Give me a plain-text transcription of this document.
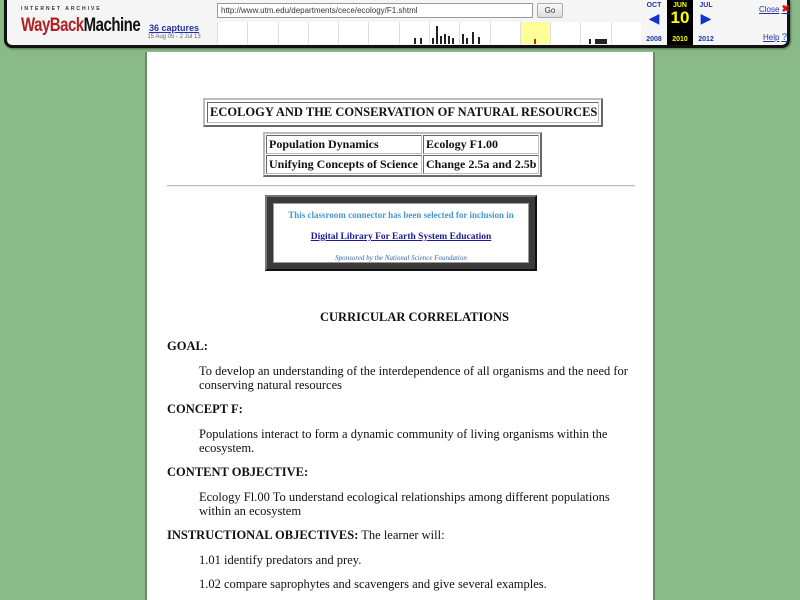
INTERNET ARCHIVE
WayBackMachine 36 captures
15 Aug 05 - 2 Jul 13
http://www.utm.edu/departments/cece/ecology/F1.shtml	Go
OCT
◀
2008
JUN
10
2010
JUL
▶
2012
Close ✖
Help ?
ECOLOGY AND THE CONSERVATION OF NATURAL RESOURCES
Population Dynamics	Ecology F1.00
Unifying Concepts of Science	Change 2.5a and 2.5b
This classroom connector has been selected for inclusion in
Digital Library For Earth System Education
Sponsored by the National Science Foundation
CURRICULAR CORRELATIONS
GOAL:
To develop an understanding of the interdependence of all organisms and the need for conserving natural resources
CONCEPT F:
Populations interact to form a dynamic community of living organisms within the ecosystem.
CONTENT OBJECTIVE:
Ecology Fl.00 To understand ecological relationships among different populations within an ecosystem
INSTRUCTIONAL OBJECTIVES: The learner will:
1.01 identify predators and prey.
1.02 compare saprophytes and scavengers and give several examples.
